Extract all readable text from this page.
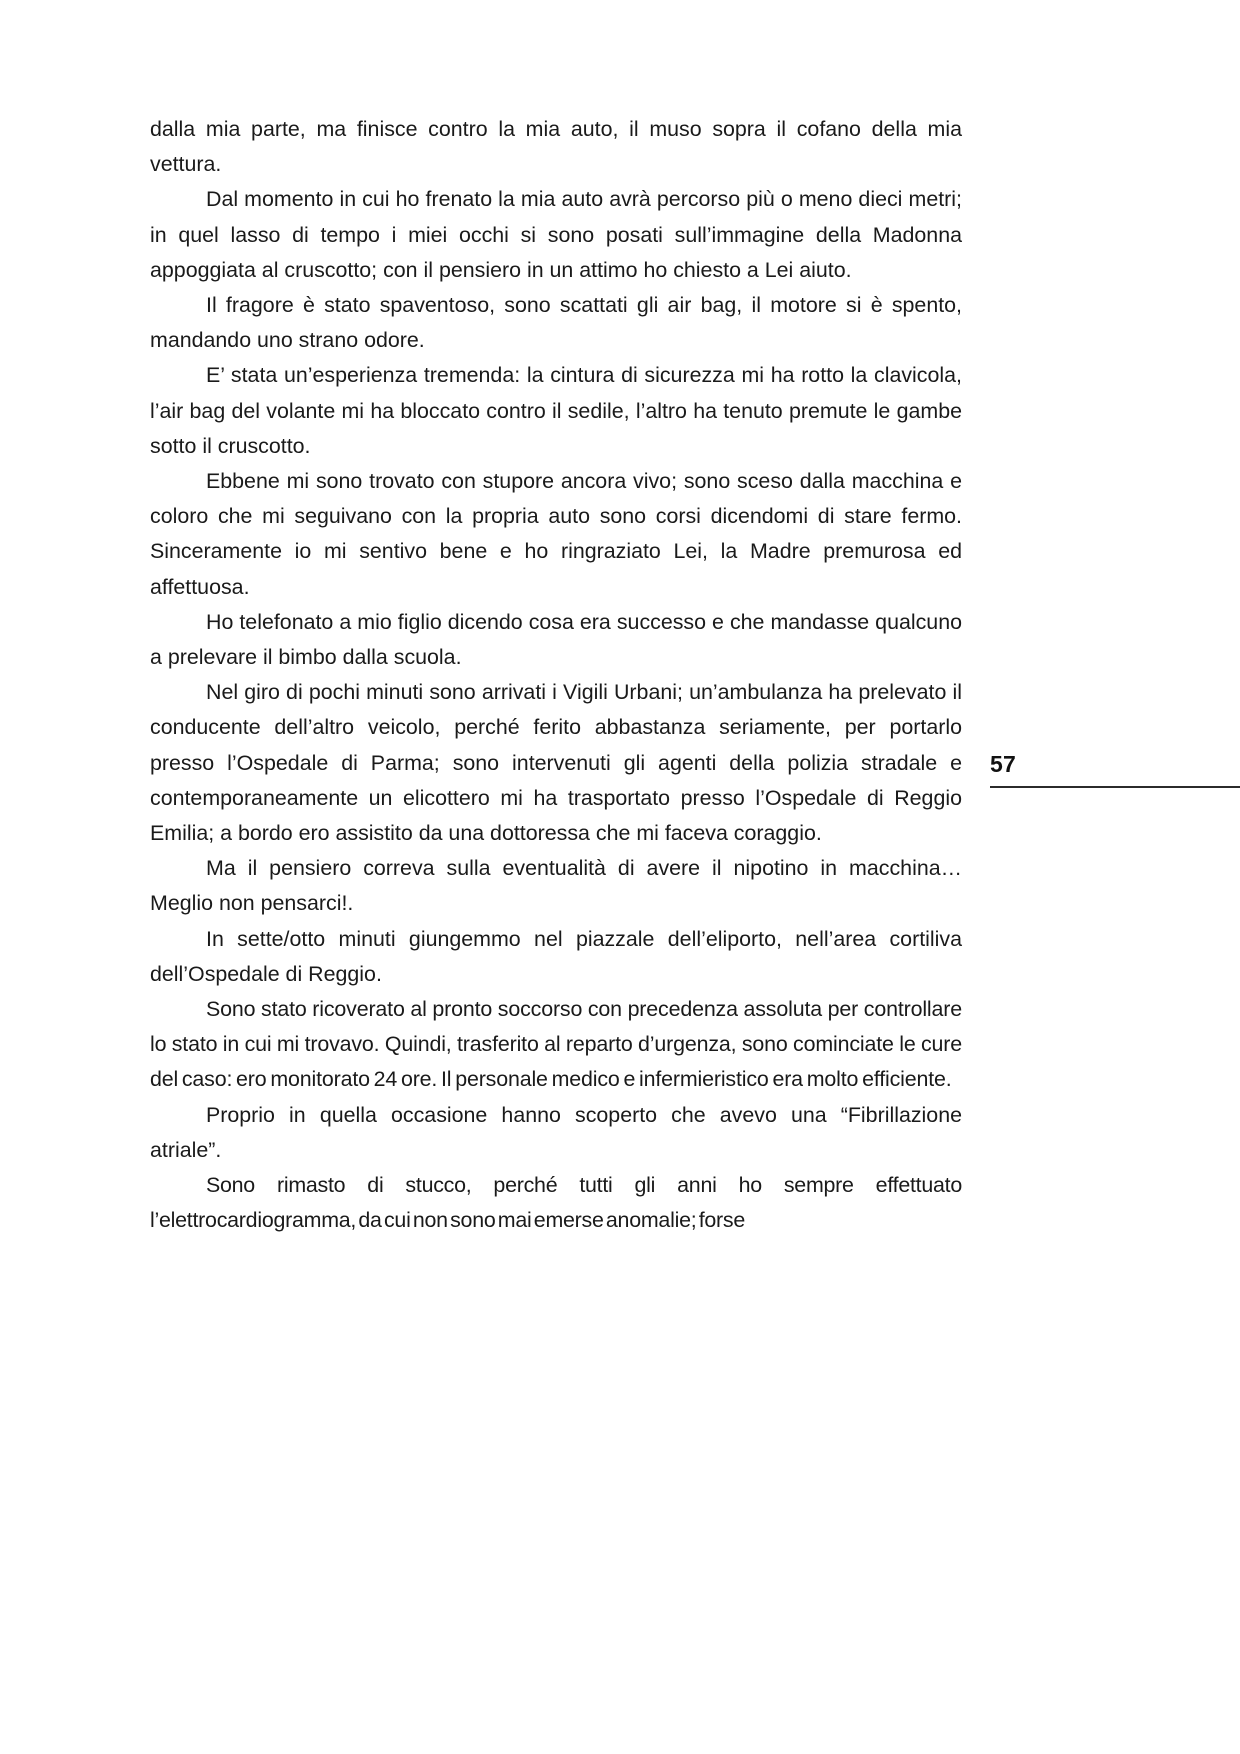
dalla mia parte, ma finisce contro la mia auto, il muso sopra il cofano della mia vettura.

Dal momento in cui ho frenato la mia auto avrà percorso più o meno dieci metri; in quel lasso di tempo i miei occhi si sono posati sull’immagine della Madonna appoggiata al cruscotto; con il pensiero in un attimo ho chiesto a Lei aiuto.

Il fragore è stato spaventoso, sono scattati gli air bag, il motore si è spento, mandando uno strano odore.

E’ stata un’esperienza tremenda: la cintura di sicurezza mi ha rotto la clavicola, l’air bag del volante mi ha bloccato contro il sedile, l’altro ha tenuto premute le gambe sotto il cruscotto.

Ebbene mi sono trovato con stupore ancora vivo; sono sceso dalla macchina e coloro che mi seguivano con la propria auto sono corsi dicendomi di stare fermo. Sinceramente io mi sentivo bene e ho ringraziato Lei, la Madre premurosa ed affettuosa.

Ho telefonato a mio figlio dicendo cosa era successo e che mandasse qualcuno a prelevare il bimbo dalla scuola.

Nel giro di pochi minuti sono arrivati i Vigili Urbani; un’ambulanza ha prelevato il conducente dell’altro veicolo, perché ferito abbastanza seriamente, per portarlo presso l’Ospedale di Parma; sono intervenuti gli agenti della polizia stradale e contemporaneamente un elicottero mi ha trasportato presso l’Ospedale di Reggio Emilia; a bordo ero assistito da una dottoressa che mi faceva coraggio.

Ma il pensiero correva sulla eventualità di avere il nipotino in macchina… Meglio non pensarci!.

In sette/otto minuti giungemmo nel piazzale dell’eliporto, nell’area cortiliva dell’Ospedale di Reggio.

Sono stato ricoverato al pronto soccorso con precedenza assoluta per controllare lo stato in cui mi trovavo. Quindi, trasferito al reparto d’urgenza, sono cominciate le cure del caso: ero monitorato 24 ore. Il personale medico e infermieristico era molto efficiente.

Proprio in quella occasione hanno scoperto che avevo una “Fibrillazione atriale”.

Sono rimasto di stucco, perché tutti gli anni ho sempre effettuato l’elettrocardiogramma, da cui non sono mai emerse anomalie; forse

57
